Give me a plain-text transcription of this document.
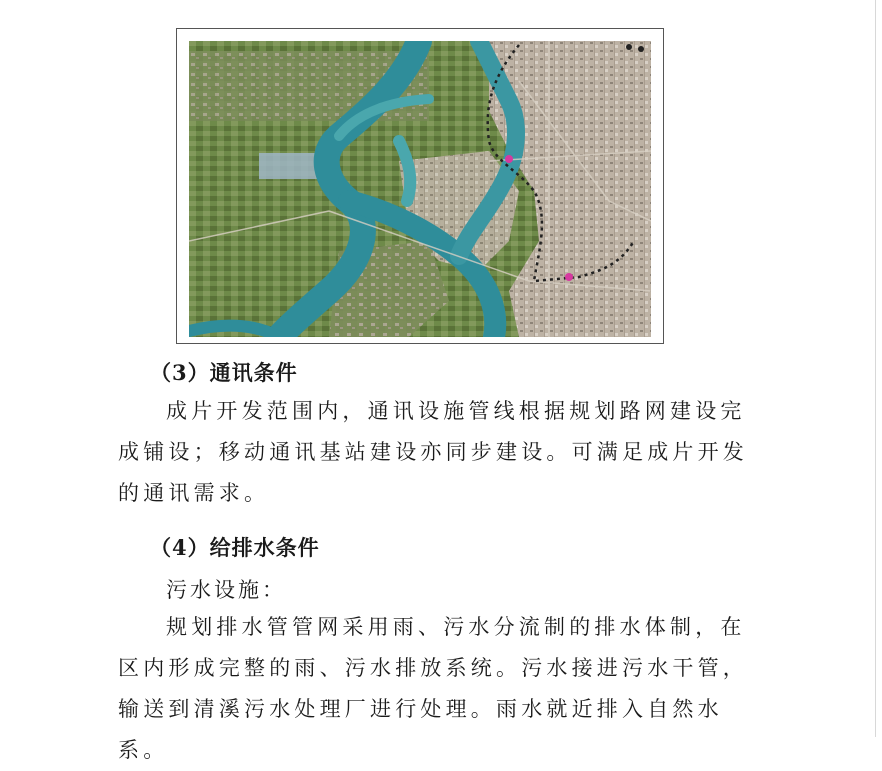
（3）通讯条件

成片开发范围内，通讯设施管线根据规划路网建设完成铺设；移动通讯基站建设亦同步建设。可满足成片开发的通讯需求。

（4）给排水条件

污水设施：

规划排水管管网采用雨、污水分流制的排水体制，在区内形成完整的雨、污水排放系统。污水接进污水干管，输送到清溪污水处理厂进行处理。雨水就近排入自然水系。
